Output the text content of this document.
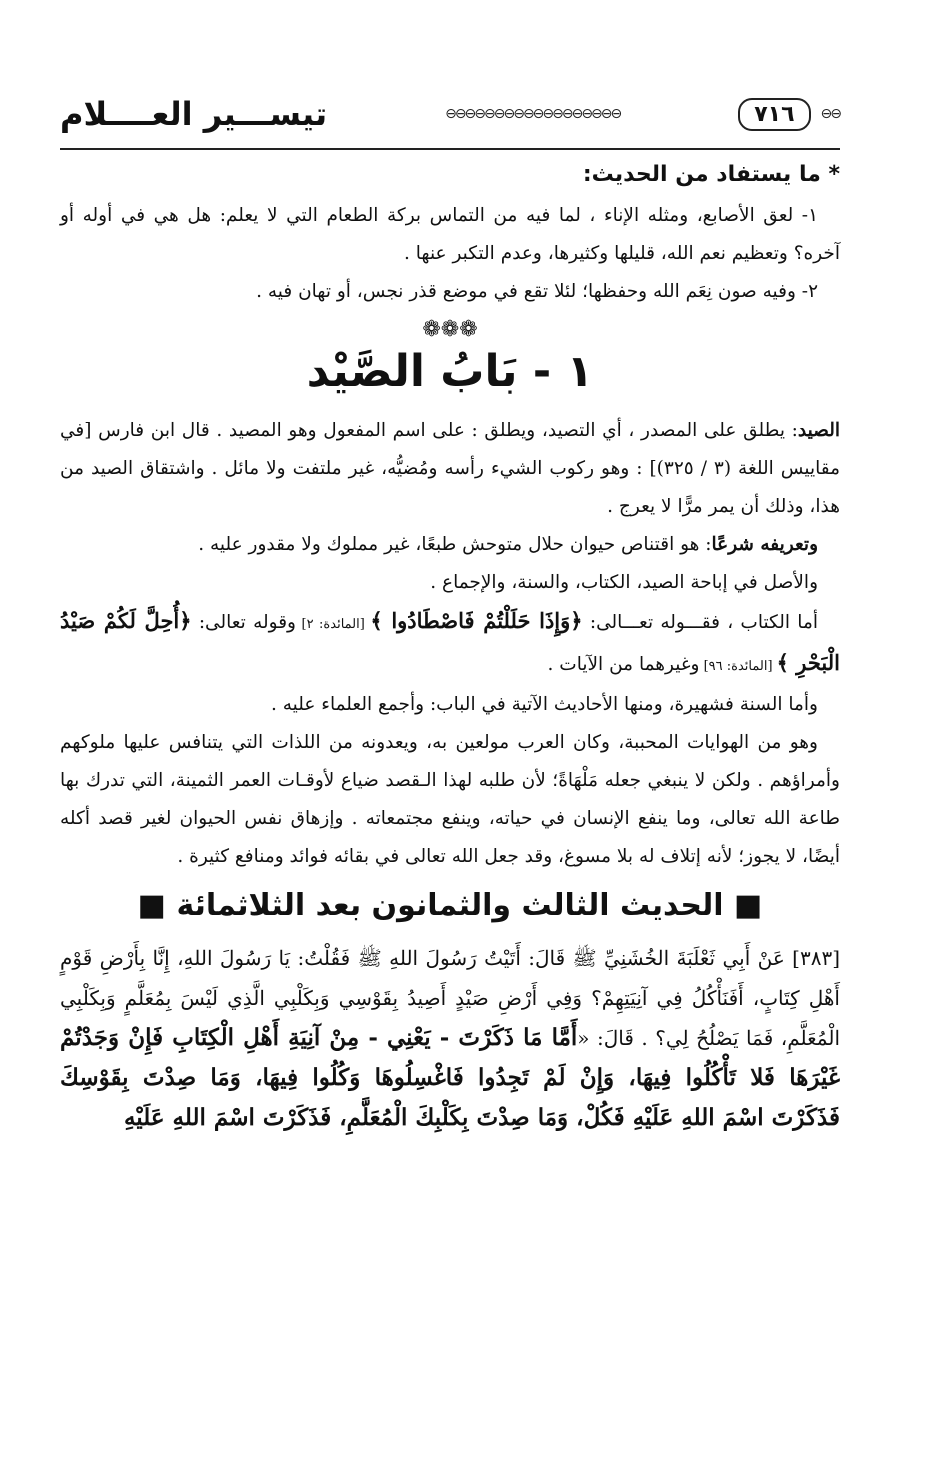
⊖⊖
٧١٦
⊖⊖⊖⊖⊖⊖⊖⊖⊖⊖⊖⊖⊖⊖⊖⊖⊖⊖
تيســـير العــــلام
* ما يستفاد من الحديث:

١- لعق الأصابع، ومثله الإناء ، لما فيه من التماس بركة الطعام التي لا يعلم: هل هي في أوله أو آخره؟ وتعظيم نعم الله، قليلها وكثيرها، وعدم التكبر عنها .

٢- وفيه صون نِعَم الله وحفظها؛ لئلا تقع في موضع قذر نجس، أو تهان فيه .

❁❁❁
١ - بَابُ الصَّيْد

الصيد: يطلق على المصدر ، أي التصيد، ويطلق : على اسم المفعول وهو المصيد . قال ابن فارس [في مقاييس اللغة (٣ / ٣٢٥)] : وهو ركوب الشيء رأسه ومُضيُّه، غير ملتفت ولا مائل . واشتقاق الصيد من هذا، وذلك أن يمر مرًّا لا يعرج .

وتعريفه شرعًا: هو اقتناص حيوان حلال متوحش طبعًا، غير مملوك ولا مقدور عليه .

والأصل في إباحة الصيد، الكتاب، والسنة، والإجماع .

أما الكتاب ، فقـــوله تعـــالى: ﴿وَإِذَا حَلَلْتُمْ فَاصْطَادُوا ﴾ [المائدة: ٢] وقوله تعالى: ﴿أُحِلَّ لَكُمْ صَيْدُ الْبَحْرِ ﴾ [المائدة: ٩٦] وغيرهما من الآيات .

وأما السنة فشهيرة، ومنها الأحاديث الآتية في الباب: وأجمع العلماء عليه .

وهو من الهوايات المحببة، وكان العرب مولعين به، ويعدونه من اللذات التي يتنافس عليها ملوكهم وأمراؤهم . ولكن لا ينبغي جعله مَلْهَاةً؛ لأن طلبه لهذا الـقصد ضياع لأوقـات العمر الثمينة، التي تدرك بها طاعة الله تعالى، وما ينفع الإنسان في حياته، وينفع مجتمعاته . وإزهاق نفس الحيوان لغير قصد أكله أيضًا، لا يجوز؛ لأنه إتلاف له بلا مسوغ، وقد جعل الله تعالى في بقائه فوائد ومنافع كثيرة .

■ الحديث الثالث والثمانون بعد الثلاثمائة ■

[٣٨٣] عَنْ أَبِي ثَعْلَبَةَ الخُشَنِيِّ ﷺ قَالَ: أَتَيْتُ رَسُولَ اللهِ ﷺ فَقُلْتُ: يَا رَسُولَ اللهِ، إِنَّا بِأَرْضِ قَوْمٍ أَهْلِ كِتَابٍ، أَفَنَأْكُلُ فِي آنِيَتِهِمْ؟ وَفِي أَرْضِ صَيْدٍ أَصِيدُ بِقَوْسِي وَبِكَلْبِي الَّذِي لَيْسَ بِمُعَلَّمٍ وَبِكَلْبِي الْمُعَلَّمِ، فَمَا يَصْلُحُ لِي؟ . قَالَ: «أَمَّا مَا ذَكَرْتَ - يَعْنِي - مِنْ آنِيَةِ أَهْلِ الْكِتَابِ فَإِنْ وَجَدْتُمْ غَيْرَهَا فَلا تَأْكُلُوا فِيهَا، وَإِنْ لَمْ تَجِدُوا فَاغْسِلُوهَا وَكُلُوا فِيهَا، وَمَا صِدْتَ بِقَوْسِكَ فَذَكَرْتَ اسْمَ اللهِ عَلَيْهِ فَكُلْ، وَمَا صِدْتَ بِكَلْبِكَ الْمُعَلَّمِ، فَذَكَرْتَ اسْمَ اللهِ عَلَيْهِ
